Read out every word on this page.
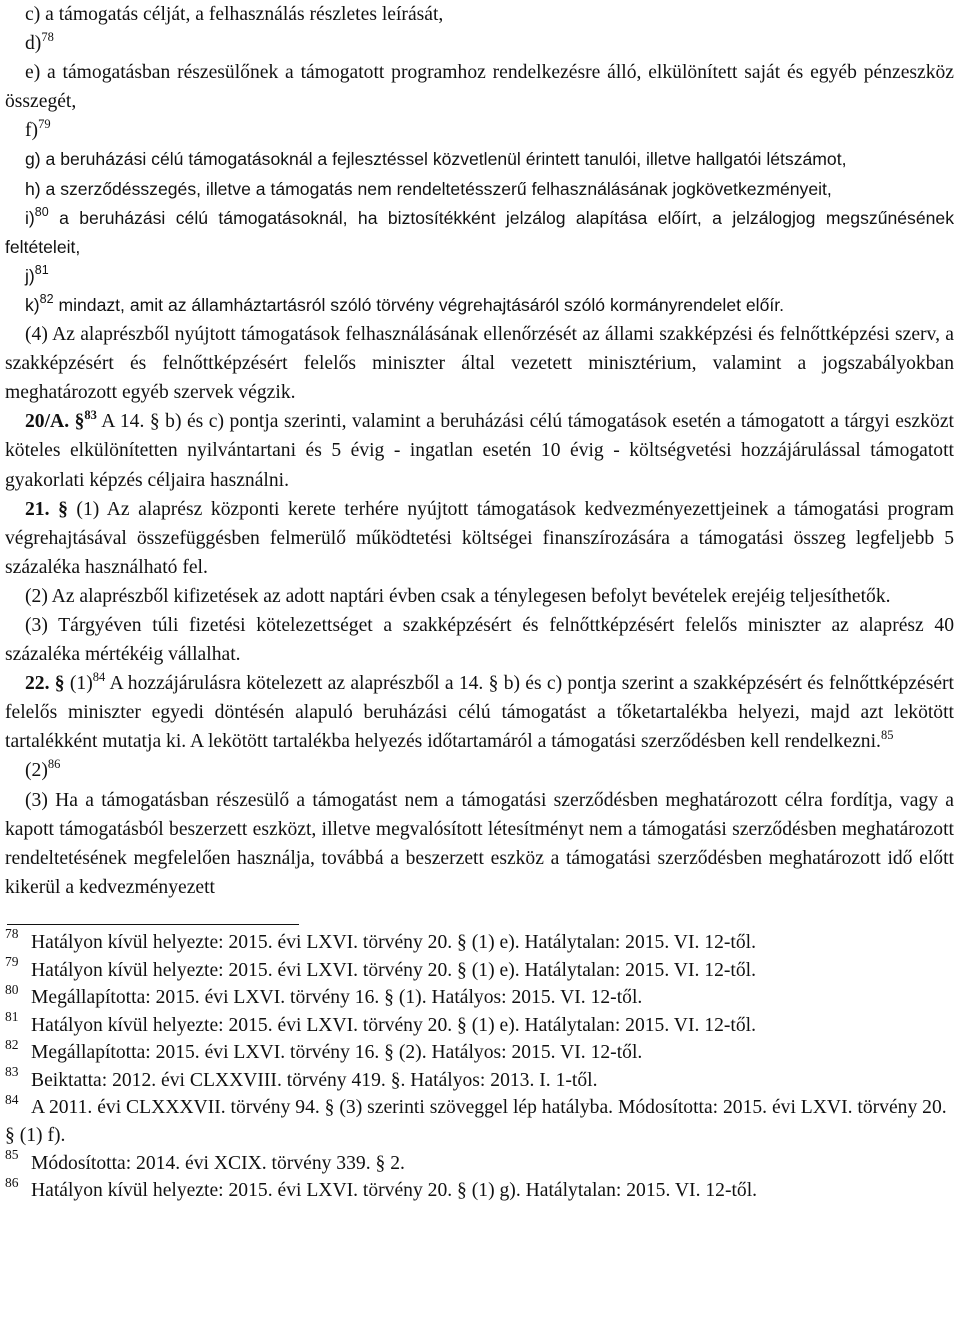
c) a támogatás célját, a felhasználás részletes leírását,

d)$^{78}$

e) a támogatásban részesülőnek a támogatott programhoz rendelkezésre álló, elkülönített saját és egyéb pénzeszköz összegét,

f)$^{79}$

g) a beruházási célú támogatásoknál a fejlesztéssel közvetlenül érintett tanulói, illetve hallgatói létszámot,

h) a szerződésszegés, illetve a támogatás nem rendeltetésszerű felhasználásának jogkövetkezményeit,

i)$^{80}$ a beruházási célú támogatásoknál, ha biztosítékként jelzálog alapítása előírt, a jelzálogjog megszűnésének feltételeit,

j)$^{81}$

k)$^{82}$ mindazt, amit az államháztartásról szóló törvény végrehajtásáról szóló kormányrendelet előír.

(4) Az alaprészből nyújtott támogatások felhasználásának ellenőrzését az állami szakképzési és felnőttképzési szerv, a szakképzésért és felnőttképzésért felelős miniszter által vezetett minisztérium, valamint a jogszabályokban meghatározott egyéb szervek végzik.

20/A. §$^{83}$ A 14. § b) és c) pontja szerinti, valamint a beruházási célú támogatások esetén a támogatott a tárgyi eszközt köteles elkülönítetten nyilvántartani és 5 évig - ingatlan esetén 10 évig - költségvetési hozzájárulással támogatott gyakorlati képzés céljaira használni.

21. § (1) Az alaprész központi kerete terhére nyújtott támogatások kedvezményezettjeinek a támogatási program végrehajtásával összefüggésben felmerülő működtetési költségei finanszírozására a támogatási összeg legfeljebb 5 százaléka használható fel.

(2) Az alaprészből kifizetések az adott naptári évben csak a ténylegesen befolyt bevételek erejéig teljesíthetők.

(3) Tárgyéven túli fizetési kötelezettséget a szakképzésért és felnőttképzésért felelős miniszter az alaprész 40 százaléka mértékéig vállalhat.

22. § $(1)^{84}$ A hozzájárulásra kötelezett az alaprészből a 14. § b) és c) pontja szerint a szakképzésért és felnőttképzésért felelős miniszter egyedi döntésén alapuló beruházási célú támogatást a tőketartalékba helyezi, majd azt lekötött tartalékként mutatja ki. A lekötött tartalékba helyezés időtartamáról a támogatási szerződésben kell rendelkezni.$^{85}$

$(2)^{86}$

(3) Ha a támogatásban részesülő a támogatást nem a támogatási szerződésben meghatározott célra fordítja, vagy a kapott támogatásból beszerzett eszközt, illetve megvalósított létesítményt nem a támogatási szerződésben meghatározott rendeltetésének megfelelően használja, továbbá a beszerzett eszköz a támogatási szerződésben meghatározott idő előtt kikerül a kedvezményezett

$^{78}$ Hatályon kívül helyezte: 2015. évi LXVI. törvény 20. § (1) e). Hatálytalan: 2015. VI. 12-től.

$^{79}$ Hatályon kívül helyezte: 2015. évi LXVI. törvény 20. § (1) e). Hatálytalan: 2015. VI. 12-től.

$^{80}$ Megállapította: 2015. évi LXVI. törvény 16. § (1). Hatályos: 2015. VI. 12-től.

$^{81}$ Hatályon kívül helyezte: 2015. évi LXVI. törvény 20. § (1) e). Hatálytalan: 2015. VI. 12-től.

$^{82}$ Megállapította: 2015. évi LXVI. törvény 16. § (2). Hatályos: 2015. VI. 12-től.

$^{83}$ Beiktatta: 2012. évi CLXXVIII. törvény 419. §. Hatályos: 2013. I. 1-től.

$^{84}$ A 2011. évi CLXXXVII. törvény 94. § (3) szerinti szöveggel lép hatályba. Módosította: 2015. évi LXVI. törvény 20. § (1) f).

$^{85}$ Módosította: 2014. évi XCIX. törvény 339. § 2.

$^{86}$ Hatályon kívül helyezte: 2015. évi LXVI. törvény 20. § (1) g). Hatálytalan: 2015. VI. 12-től.
